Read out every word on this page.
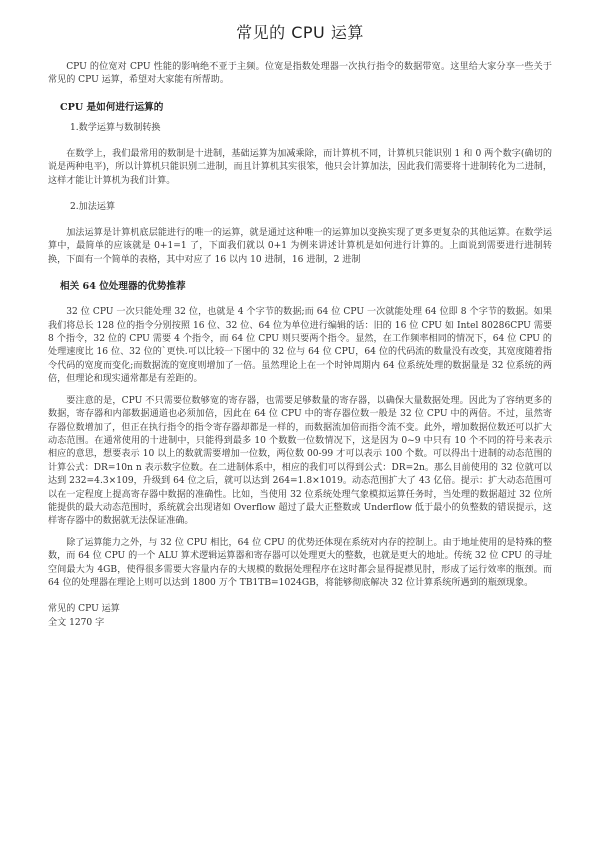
常见的 CPU 运算

CPU 的位宽对 CPU 性能的影响绝不亚于主频。位宽是指数处理器一次执行指令的数据带宽。这里给大家分享一些关于常见的 CPU 运算，希望对大家能有所帮助。

CPU 是如何进行运算的
1.数学运算与数制转换

在数学上，我们最常用的数制是十进制，基础运算为加减乘除，而计算机不同，计算机只能识别 1 和 0 两个数字(确切的说是两种电平)，所以计算机只能识别二进制，而且计算机其实很笨，他只会计算加法，因此我们需要将十进制转化为二进制，这样才能让计算机为我们计算。

2.加法运算

加法运算是计算机底层能进行的唯一的运算，就是通过这种唯一的运算加以变换实现了更多更复杂的其他运算。在数学运算中，最简单的应该就是 0+1=1 了，下面我们就以 0+1 为例来讲述计算机是如何进行计算的。上面说到需要进行进制转换，下面有一个简单的表格，其中对应了 16 以内 10 进制，16 进制，2 进制

相关 64 位处理器的优势推荐

32 位 CPU 一次只能处理 32 位，也就是 4 个字节的数据;而 64 位 CPU 一次就能处理 64 位即 8 个字节的数据。如果我们将总长 128 位的指令分别按照 16 位、32 位、64 位为单位进行编辑的话：旧的 16 位 CPU 如 Intel 80286CPU 需要 8 个指令，32 位的 CPU 需要 4 个指令，而 64 位 CPU 则只要两个指令。显然，在工作频率相同的情况下，64 位 CPU 的处理速度比 16 位、32 位的`更快.可以比较一下图中的 32 位与 64 位 CPU，64 位的代码流的数量没有改变，其宽度随着指令代码的宽度而变化;而数据流的宽度则增加了一倍。虽然理论上在一个时钟周期内 64 位系统处理的数据量是 32 位系统的两倍，但理论和现实通常都是有差距的。

要注意的是，CPU 不只需要位数够宽的寄存器，也需要足够数量的寄存器，以确保大量数据处理。因此为了容纳更多的数据，寄存器和内部数据通道也必须加倍，因此在 64 位 CPU 中的寄存器位数一般是 32 位 CPU 中的两倍。不过，虽然寄存器位数增加了，但正在执行指令的指令寄存器却都是一样的，而数据流加倍而指令流不变。此外，增加数据位数还可以扩大动态范围。在通常使用的十进制中，只能得到最多 10 个数数一位数情况下，这是因为 0~9 中只有 10 个不同的符号来表示相应的意思，想要表示 10 以上的数就需要增加一位数，两位数 00-99 才可以表示 100 个数。可以得出十进制的动态范围的计算公式：DR=10n n 表示数字位数。在二进制体系中，相应的我们可以得到公式：DR=2n。那么目前使用的 32 位就可以达到 232=4.3×109，升级到 64 位之后，就可以达到 264=1.8×1019。动态范围扩大了 43 亿倍。提示：扩大动态范围可以在一定程度上提高寄存器中数据的准确性。比如，当使用 32 位系统处理气象模拟运算任务时，当处理的数据超过 32 位所能提供的最大动态范围时，系统就会出现诸如 Overflow 超过了最大正整数或 Underflow 低于最小的负整数的错误提示，这样寄存器中的数据就无法保证准确。

除了运算能力之外，与 32 位 CPU 相比，64 位 CPU 的优势还体现在系统对内存的控制上。由于地址使用的是特殊的整数，而 64 位 CPU 的一个 ALU 算术逻辑运算器和寄存器可以处理更大的整数，也就是更大的地址。传统 32 位 CPU 的寻址空间最大为 4GB，使得很多需要大容量内存的大规模的数据处理程序在这时都会显得捉襟见肘，形成了运行效率的瓶颈。而 64 位的处理器在理论上则可以达到 1800 万个 TB1TB=1024GB，将能够彻底解决 32 位计算系统所遇到的瓶颈现象。

常见的 CPU 运算

全文 1270 字
